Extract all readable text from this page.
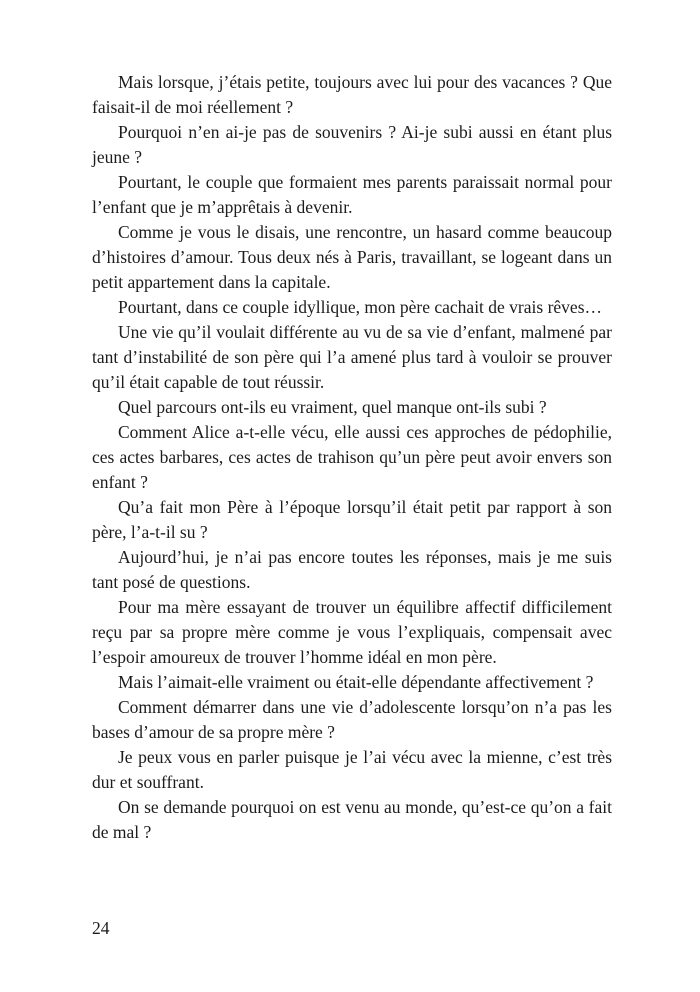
Mais lorsque, j’étais petite, toujours avec lui pour des vacances ? Que faisait-il de moi réellement ?

Pourquoi n’en ai-je pas de souvenirs ? Ai-je subi aussi en étant plus jeune ?

Pourtant, le couple que formaient mes parents paraissait normal pour l’enfant que je m’apprêtais à devenir.

Comme je vous le disais, une rencontre, un hasard comme beaucoup d’histoires d’amour. Tous deux nés à Paris, travaillant, se logeant dans un petit appartement dans la capitale.

Pourtant, dans ce couple idyllique, mon père cachait de vrais rêves…

Une vie qu’il voulait différente au vu de sa vie d’enfant, malmené par tant d’instabilité de son père qui l’a amené plus tard à vouloir se prouver qu’il était capable de tout réussir.

Quel parcours ont-ils eu vraiment, quel manque ont-ils subi ?

Comment Alice a-t-elle vécu, elle aussi ces approches de pédophilie, ces actes barbares, ces actes de trahison qu’un père peut avoir envers son enfant ?

Qu’a fait mon Père à l’époque lorsqu’il était petit par rapport à son père, l’a-t-il su ?

Aujourd’hui, je n’ai pas encore toutes les réponses, mais je me suis tant posé de questions.

Pour ma mère essayant de trouver un équilibre affectif difficilement reçu par sa propre mère comme je vous l’expliquais, compensait avec l’espoir amoureux de trouver l’homme idéal en mon père.

Mais l’aimait-elle vraiment ou était-elle dépendante affectivement ?

Comment démarrer dans une vie d’adolescente lorsqu’on n’a pas les bases d’amour de sa propre mère ?

Je peux vous en parler puisque je l’ai vécu avec la mienne, c’est très dur et souffrant.

On se demande pourquoi on est venu au monde, qu’est-ce qu’on a fait de mal ?

24
